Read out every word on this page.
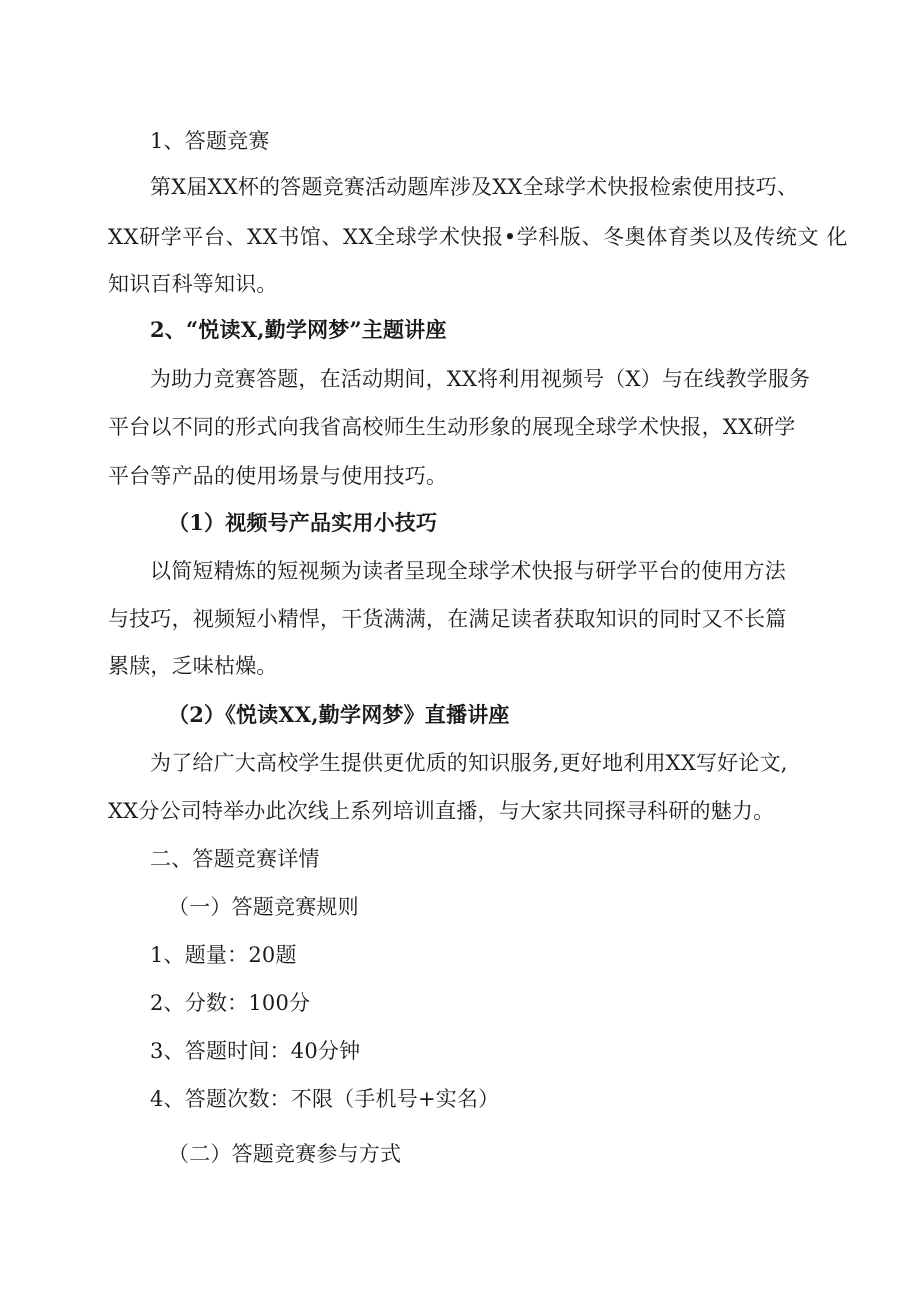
1、答题竞赛
第X届XX杯的答题竞赛活动题库涉及XX全球学术快报检索使用技巧、
XX研学平台、XX书馆、XX全球学术快报•学科版、冬奥体育类以及传统文 化
知识百科等知识。
2、“悦读X,勤学网梦”主题讲座
为助力竞赛答题，在活动期间，XX将利用视频号（X）与在线教学服务
平台以不同的形式向我省高校师生生动形象的展现全球学术快报，XX研学
平台等产品的使用场景与使用技巧。
（1）视频号产品实用小技巧
以简短精炼的短视频为读者呈现全球学术快报与研学平台的使用方法
与技巧，视频短小精悍，干货满满，在满足读者获取知识的同时又不长篇
累牍，乏味枯燥。
（2）《悦读XX,勤学网梦》直播讲座
为了给广大高校学生提供更优质的知识服务,更好地利用XX写好论文,
XX分公司特举办此次线上系列培训直播，与大家共同探寻科研的魅力。
二、答题竞赛详情
（一）答题竞赛规则
1、题量：20题
2、分数：100分
3、答题时间：40分钟
4、答题次数：不限（手机号+实名）
（二）答题竞赛参与方式
